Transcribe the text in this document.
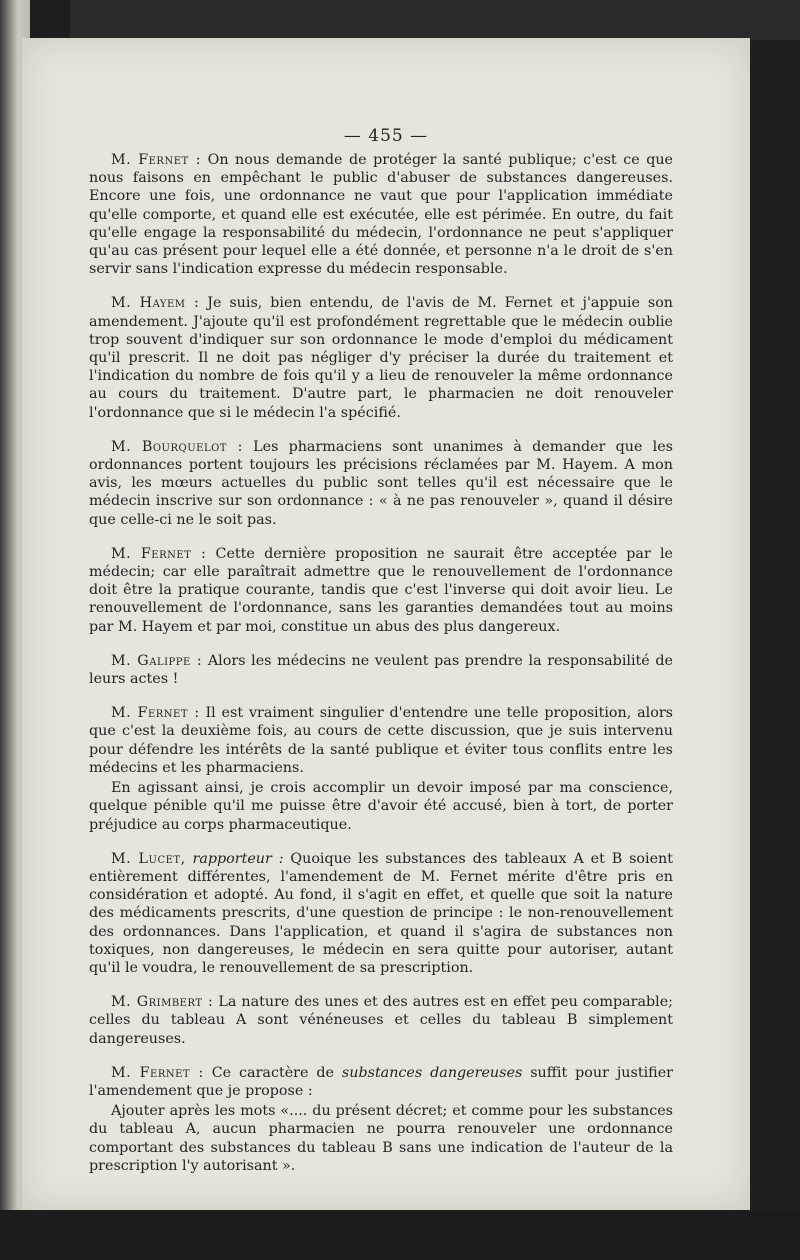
— 455 —

M. Fernet : On nous demande de protéger la santé publique; c'est ce que nous faisons en empêchant le public d'abuser de substances dangereuses. Encore une fois, une ordonnance ne vaut que pour l'application immédiate qu'elle comporte, et quand elle est exécutée, elle est périmée. En outre, du fait qu'elle engage la responsabilité du médecin, l'ordonnance ne peut s'appliquer qu'au cas présent pour lequel elle a été donnée, et personne n'a le droit de s'en servir sans l'indication expresse du médecin responsable.

M. Hayem : Je suis, bien entendu, de l'avis de M. Fernet et j'appuie son amendement. J'ajoute qu'il est profondément regrettable que le médecin oublie trop souvent d'indiquer sur son ordonnance le mode d'emploi du médicament qu'il prescrit. Il ne doit pas négliger d'y préciser la durée du traitement et l'indication du nombre de fois qu'il y a lieu de renouveler la même ordonnance au cours du traitement. D'autre part, le pharmacien ne doit renouveler l'ordonnance que si le médecin l'a spécifié.

M. Bourquelot : Les pharmaciens sont unanimes à demander que les ordonnances portent toujours les précisions réclamées par M. Hayem. A mon avis, les mœurs actuelles du public sont telles qu'il est nécessaire que le médecin inscrive sur son ordonnance : « à ne pas renouveler », quand il désire que celle-ci ne le soit pas.

M. Fernet : Cette dernière proposition ne saurait être acceptée par le médecin; car elle paraîtrait admettre que le renouvellement de l'ordonnance doit être la pratique courante, tandis que c'est l'inverse qui doit avoir lieu. Le renouvellement de l'ordonnance, sans les garanties demandées tout au moins par M. Hayem et par moi, constitue un abus des plus dangereux.

M. Galippe : Alors les médecins ne veulent pas prendre la responsabilité de leurs actes !

M. Fernet : Il est vraiment singulier d'entendre une telle proposition, alors que c'est la deuxième fois, au cours de cette discussion, que je suis intervenu pour défendre les intérêts de la santé publique et éviter tous conflits entre les médecins et les pharmaciens.

En agissant ainsi, je crois accomplir un devoir imposé par ma conscience, quelque pénible qu'il me puisse être d'avoir été accusé, bien à tort, de porter préjudice au corps pharmaceutique.

M. Lucet, rapporteur : Quoique les substances des tableaux A et B soient entièrement différentes, l'amendement de M. Fernet mérite d'être pris en considération et adopté. Au fond, il s'agit en effet, et quelle que soit la nature des médicaments prescrits, d'une question de principe : le non-renouvellement des ordonnances. Dans l'application, et quand il s'agira de substances non toxiques, non dangereuses, le médecin en sera quitte pour autoriser, autant qu'il le voudra, le renouvellement de sa prescription.

M. Grimbert : La nature des unes et des autres est en effet peu comparable; celles du tableau A sont vénéneuses et celles du tableau B simplement dangereuses.

M. Fernet : Ce caractère de substances dangereuses suffit pour justifier l'amendement que je propose :

Ajouter après les mots «.... du présent décret; et comme pour les substances du tableau A, aucun pharmacien ne pourra renouveler une ordonnance comportant des substances du tableau B sans une indication de l'auteur de la prescription l'y autorisant ».
